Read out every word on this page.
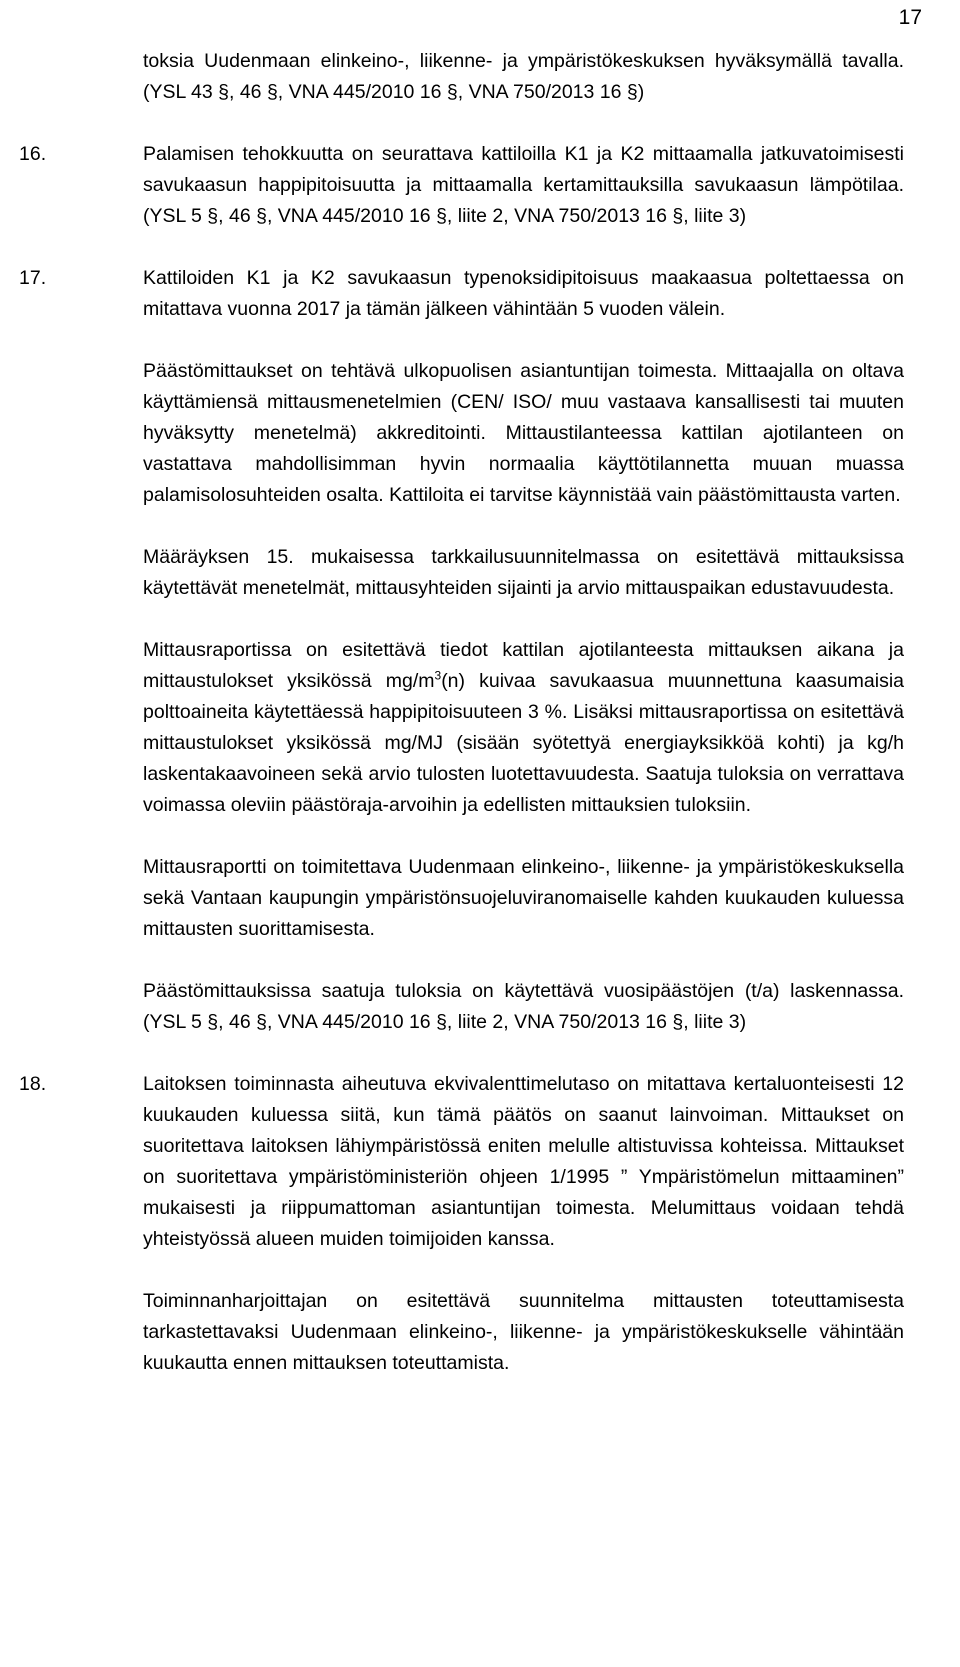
17

toksia Uudenmaan elinkeino-, liikenne- ja ympäristökeskuksen hyväksymällä tavalla. (YSL 43 §, 46 §, VNA 445/2010 16 §, VNA 750/2013 16 §)

16.	Palamisen tehokkuutta on seurattava kattiloilla K1 ja K2 mittaamalla jatkuvatoimisesti savukaasun happipitoisuutta ja mittaamalla kertamittauksilla savukaasun lämpötilaa. (YSL 5 §, 46 §, VNA 445/2010 16 §, liite 2, VNA 750/2013 16 §, liite 3)

17.	Kattiloiden K1 ja K2 savukaasun typenoksidipitoisuus maakaasua poltettaessa on mitattava vuonna 2017 ja tämän jälkeen vähintään 5 vuoden välein.

Päästömittaukset on tehtävä ulkopuolisen asiantuntijan toimesta. Mittaajalla on oltava käyttämiensä mittausmenetelmien (CEN/ ISO/ muu vastaava kansallisesti tai muuten hyväksytty menetelmä) akkreditointi. Mittaustilanteessa kattilan ajotilanteen on vastattava mahdollisimman hyvin normaalia käyttötilannetta muuan muassa palamisolosuhteiden osalta. Kattiloita ei tarvitse käynnistää vain päästömittausta varten.

Määräyksen 15. mukaisessa tarkkailusuunnitelmassa on esitettävä mittauksissa käytettävät menetelmät, mittausyhteiden sijainti ja arvio mittauspaikan edustavuudesta.

Mittausraportissa on esitettävä tiedot kattilan ajotilanteesta mittauksen aikana ja mittaustulokset yksikössä $mg/m^3(n)$ kuivaa savukaasua muunnettuna kaasumaisia polttoaineita käytettäessä happipitoisuuteen 3 %. Lisäksi mittausraportissa on esitettävä mittaustulokset yksikössä mg/MJ (sisään syötettyä energiayksikköä kohti) ja kg/h laskentakaavoineen sekä arvio tulosten luotettavuudesta. Saatuja tuloksia on verrattava voimassa oleviin päästöraja-arvoihin ja edellisten mittauksien tuloksiin.

Mittausraportti on toimitettava Uudenmaan elinkeino-, liikenne- ja ympäristökeskuksella sekä Vantaan kaupungin ympäristönsuojeluviranomaiselle kahden kuukauden kuluessa mittausten suorittamisesta.

Päästömittauksissa saatuja tuloksia on käytettävä vuosipäästöjen (t/a) laskennassa. (YSL 5 §, 46 §, VNA 445/2010 16 §, liite 2, VNA 750/2013 16 §, liite 3)

18.	Laitoksen toiminnasta aiheutuva ekvivalenttimelutaso on mitattava kertaluonteisesti 12 kuukauden kuluessa siitä, kun tämä päätös on saanut lainvoiman. Mittaukset on suoritettava laitoksen lähiympäristössä eniten melulle altistuvissa kohteissa. Mittaukset on suoritettava ympäristöministeriön ohjeen 1/1995 ” Ympäristömelun mittaaminen” mukaisesti ja riippumattoman asiantuntijan toimesta. Melumittaus voidaan tehdä yhteistyössä alueen muiden toimijoiden kanssa.

Toiminnanharjoittajan on esitettävä suunnitelma mittausten toteuttamisesta tarkastettavaksi Uudenmaan elinkeino-, liikenne- ja ympäristökeskukselle vähintään kuukautta ennen mittauksen toteuttamista.
